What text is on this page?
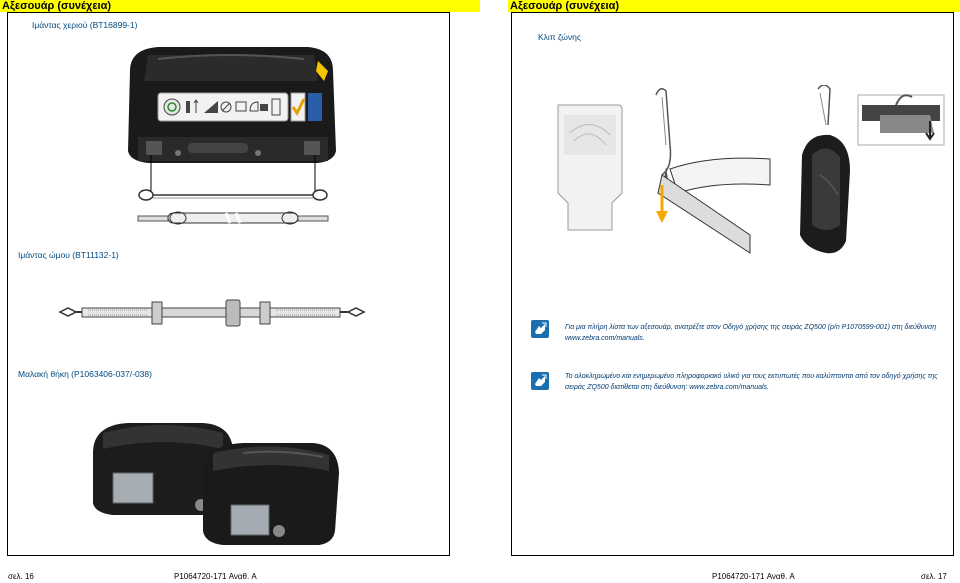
Αξεσουάρ (συνέχεια)	Αξεσουάρ (συνέχεια)
Ιμάντας χεριού (BT16899-1)
Ιμάντας ώμου (BT11132-1)
Μαλακή θήκη (P1063406-037/-038)
Κλιπ ζώνης
Για μια πλήρη λίστα των αξεσουάρ, ανατρέξτε στον Οδηγό χρήσης της σειράς ZQ500 (p/n P1070599-001) στη διεύθυνση
www.zebra.com/manuals.
Το ολοκληρωμένο και ενημερωμένο πληροφοριακό υλικό για τους εκτυπωτές που καλύπτονται από τον οδηγό χρήσης της
σειράς ZQ500 διατίθεται στη διεύθυνση: www.zebra.com/manuals.
σελ. 16	P1064720-171 Αναθ. A	P1064720-171 Αναθ. A	σελ. 17
